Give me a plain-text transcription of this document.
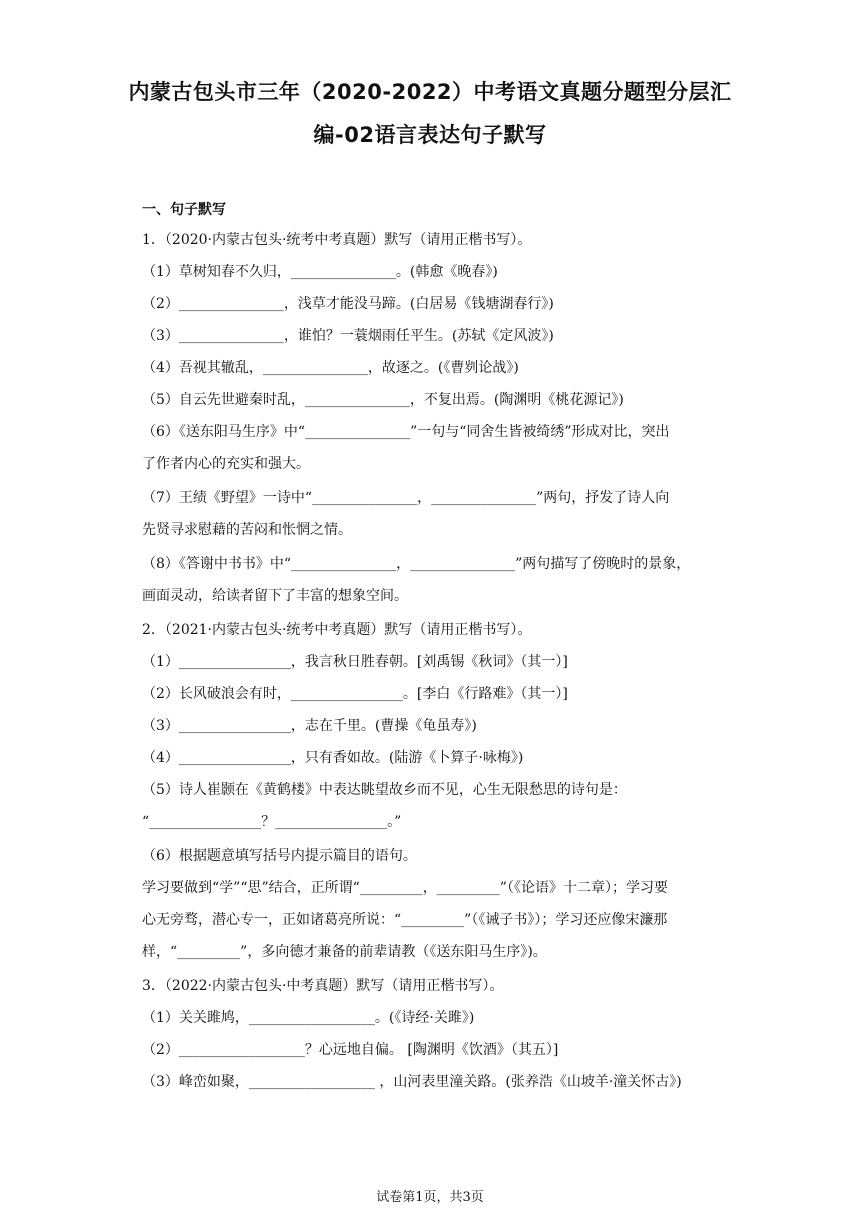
内蒙古包头市三年（2020-2022）中考语文真题分题型分层汇
编-02语言表达句子默写
一、句子默写
1．（2020·内蒙古包头·统考中考真题）默写（请用正楷书写）。
（1）草树知春不久归，_______________。(韩愈《晚春》)
（2）_______________，浅草才能没马蹄。(白居易《钱塘湖春行》)
（3）_______________，谁怕？一蓑烟雨任平生。(苏轼《定风波》)
（4）吾视其辙乱，_______________，故逐之。(《曹刿论战》)
（5）自云先世避秦时乱，_______________，不复出焉。(陶渊明《桃花源记》)
（6）《送东阳马生序》中“_______________”一句与“同舍生皆被绮绣”形成对比，突出
了作者内心的充实和强大。
（7）王绩《野望》一诗中“_______________，_______________”两句，抒发了诗人向
先贤寻求慰藉的苦闷和怅惘之情。
（8）《答谢中书书》中“_______________，_______________”两句描写了傍晚时的景象，
画面灵动，给读者留下了丰富的想象空间。
2．（2021·内蒙古包头·统考中考真题）默写（请用正楷书写）。
（1）________________，我言秋日胜春朝。[刘禹锡《秋词》（其一）]
（2）长风破浪会有时，________________。[李白《行路难》（其一）]
（3）________________，志在千里。(曹操《龟虽寿》)
（4）________________，只有香如故。(陆游《卜算子·咏梅》)
（5）诗人崔颢在《黄鹤楼》中表达眺望故乡而不见，心生无限愁思的诗句是：
“________________？________________。”
（6）根据题意填写括号内提示篇目的语句。
学习要做到“学”“思”结合，正所谓“_________，_________”（《论语》十二章）；学习要
心无旁骛，潜心专一，正如诸葛亮所说：“_________”（《诫子书》）；学习还应像宋濂那
样，“_________”，多向德才兼备的前辈请教（《送东阳马生序》)。
3．（2022·内蒙古包头·中考真题）默写（请用正楷书写）。
（1）关关雎鸠，__________________。(《诗经·关雎》)
（2）__________________？心远地自偏。 [陶渊明《饮酒》（其五）]
（3）峰峦如聚，__________________ ，山河表里潼关路。(张养浩《山坡羊·潼关怀古》)
试卷第1页，共3页
